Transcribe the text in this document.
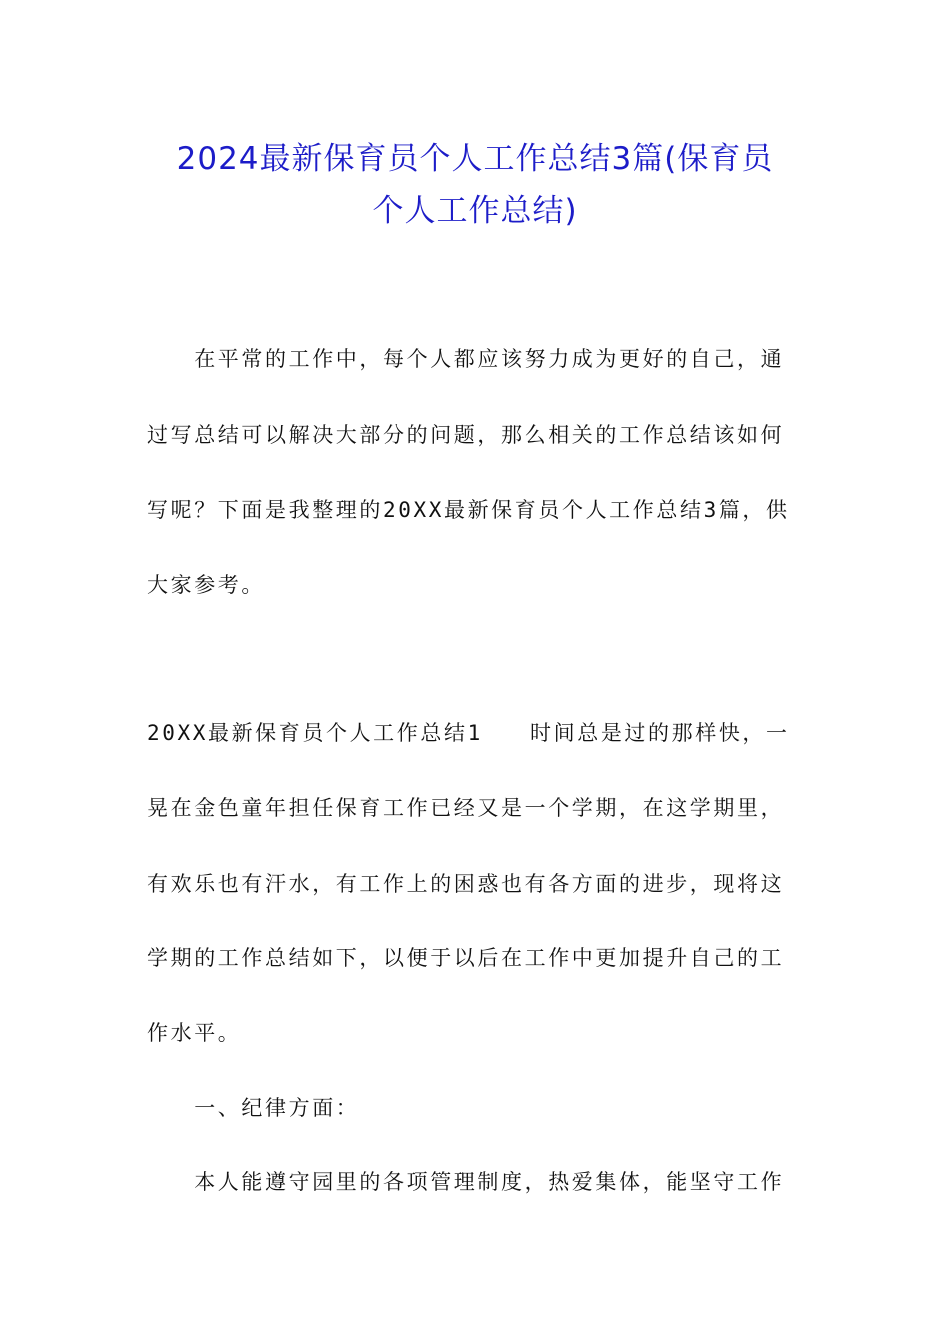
2024最新保育员个人工作总结3篇(保育员
个人工作总结)
　　在平常的工作中，每个人都应该努力成为更好的自己，通
过写总结可以解决大部分的问题，那么相关的工作总结该如何
写呢？下面是我整理的20XX最新保育员个人工作总结3篇，供
大家参考。
20XX最新保育员个人工作总结1　　时间总是过的那样快，一
晃在金色童年担任保育工作已经又是一个学期，在这学期里，
有欢乐也有汗水，有工作上的困惑也有各方面的进步，现将这
学期的工作总结如下，以便于以后在工作中更加提升自己的工
作水平。
　　一、纪律方面：
　　本人能遵守园里的各项管理制度，热爱集体，能坚守工作
